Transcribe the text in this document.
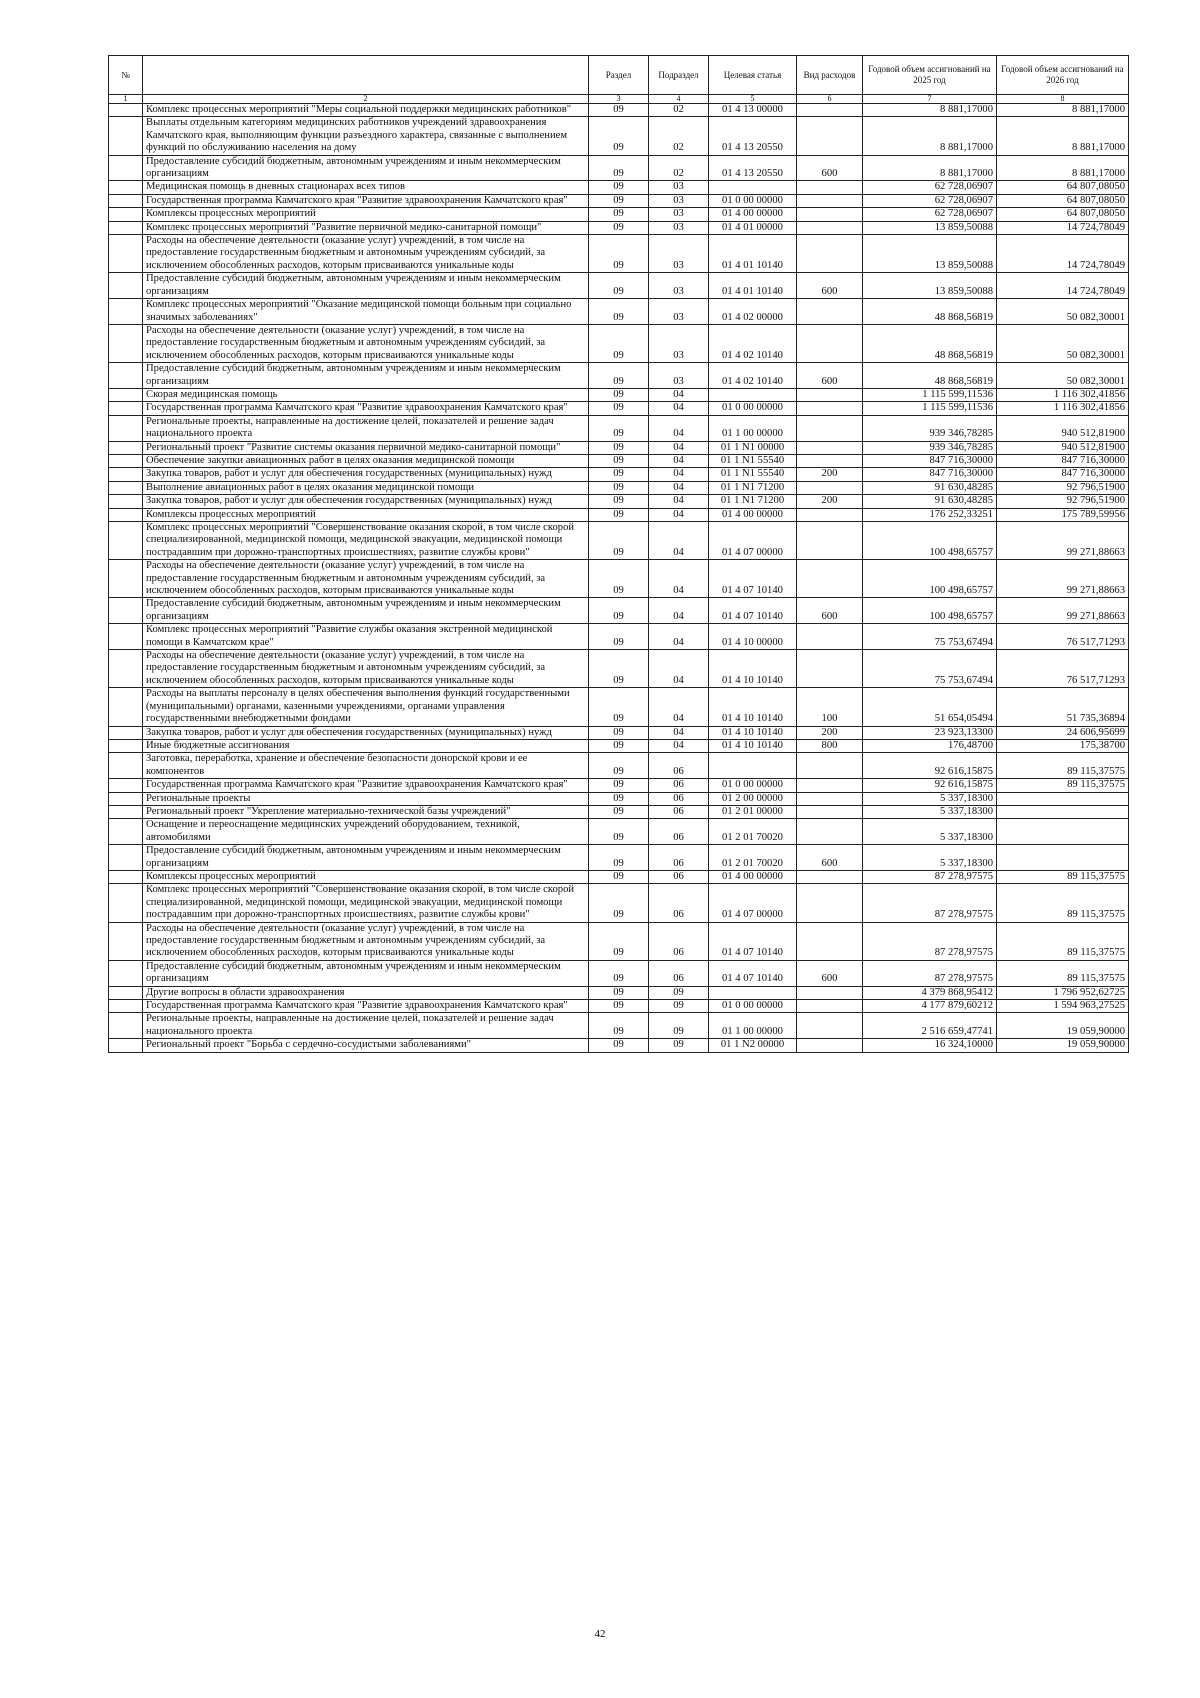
№		Раздел	Подраздел	Целевая статья	Вид расходов	Годовой объем ассигнований на 2025 год	Годовой объем ассигнований на 2026 год
1	2	3	4	5	6	7	8
	Комплекс процессных мероприятий "Меры социальной поддержки медицинских работников"	09	02	01 4 13 00000		8 881,17000	8 881,17000
	Выплаты отдельным категориям медицинских работников учреждений здравоохранения Камчатского края, выполняющим функции разъездного характера, связанные с выполнением функций по обслуживанию населения на дому	09	02	01 4 13 20550		8 881,17000	8 881,17000
	Предоставление субсидий бюджетным, автономным учреждениям и иным некоммерческим организациям	09	02	01 4 13 20550	600	8 881,17000	8 881,17000
	Медицинская помощь в дневных стационарах всех типов	09	03			62 728,06907	64 807,08050
	Государственная программа Камчатского края "Развитие здравоохранения Камчатского края"	09	03	01 0 00 00000		62 728,06907	64 807,08050
	Комплексы процессных мероприятий	09	03	01 4 00 00000		62 728,06907	64 807,08050
	Комплекс процессных мероприятий "Развитие первичной медико-санитарной помощи"	09	03	01 4 01 00000		13 859,50088	14 724,78049
	Расходы на обеспечение деятельности (оказание услуг) учреждений, в том числе на предоставление государственным бюджетным и автономным учреждениям субсидий, за исключением обособленных расходов, которым присваиваются уникальные коды	09	03	01 4 01 10140		13 859,50088	14 724,78049
	Предоставление субсидий бюджетным, автономным учреждениям и иным некоммерческим организациям	09	03	01 4 01 10140	600	13 859,50088	14 724,78049
	Комплекс процессных мероприятий "Оказание медицинской помощи больным при социально значимых заболеваниях"	09	03	01 4 02 00000		48 868,56819	50 082,30001
	Расходы на обеспечение деятельности (оказание услуг) учреждений, в том числе на предоставление государственным бюджетным и автономным учреждениям субсидий, за исключением обособленных расходов, которым присваиваются уникальные коды	09	03	01 4 02 10140		48 868,56819	50 082,30001
	Предоставление субсидий бюджетным, автономным учреждениям и иным некоммерческим организациям	09	03	01 4 02 10140	600	48 868,56819	50 082,30001
	Скорая медицинская помощь	09	04			1 115 599,11536	1 116 302,41856
	Государственная программа Камчатского края "Развитие здравоохранения Камчатского края"	09	04	01 0 00 00000		1 115 599,11536	1 116 302,41856
	Региональные проекты, направленные на достижение целей, показателей и решение задач национального проекта	09	04	01 1 00 00000		939 346,78285	940 512,81900
	Региональный проект "Развитие системы оказания первичной медико-санитарной помощи"	09	04	01 1 N1 00000		939 346,78285	940 512,81900
	Обеспечение закупки авиационных работ в целях оказания медицинской помощи	09	04	01 1 N1 55540		847 716,30000	847 716,30000
	Закупка товаров, работ и услуг для обеспечения государственных (муниципальных) нужд	09	04	01 1 N1 55540	200	847 716,30000	847 716,30000
	Выполнение авиационных работ в целях оказания медицинской помощи	09	04	01 1 N1 71200		91 630,48285	92 796,51900
	Закупка товаров, работ и услуг для обеспечения государственных (муниципальных) нужд	09	04	01 1 N1 71200	200	91 630,48285	92 796,51900
	Комплексы процессных мероприятий	09	04	01 4 00 00000		176 252,33251	175 789,59956
	Комплекс процессных мероприятий "Совершенствование оказания скорой, в том числе скорой специализированной, медицинской помощи, медицинской эвакуации, медицинской помощи пострадавшим при дорожно-транспортных происшествиях, развитие службы крови"	09	04	01 4 07 00000		100 498,65757	99 271,88663
	Расходы на обеспечение деятельности (оказание услуг) учреждений, в том числе на предоставление государственным бюджетным и автономным учреждениям субсидий, за исключением обособленных расходов, которым присваиваются уникальные коды	09	04	01 4 07 10140		100 498,65757	99 271,88663
	Предоставление субсидий бюджетным, автономным учреждениям и иным некоммерческим организациям	09	04	01 4 07 10140	600	100 498,65757	99 271,88663
	Комплекс процессных мероприятий "Развитие службы оказания экстренной медицинской помощи в Камчатском крае"	09	04	01 4 10 00000		75 753,67494	76 517,71293
	Расходы на обеспечение деятельности (оказание услуг) учреждений, в том числе на предоставление государственным бюджетным и автономным учреждениям субсидий, за исключением обособленных расходов, которым присваиваются уникальные коды	09	04	01 4 10 10140		75 753,67494	76 517,71293
	Расходы на выплаты персоналу в целях обеспечения выполнения функций государственными (муниципальными) органами, казенными учреждениями, органами управления государственными внебюджетными фондами	09	04	01 4 10 10140	100	51 654,05494	51 735,36894
	Закупка товаров, работ и услуг для обеспечения государственных (муниципальных) нужд	09	04	01 4 10 10140	200	23 923,13300	24 606,95699
	Иные бюджетные ассигнования	09	04	01 4 10 10140	800	176,48700	175,38700
	Заготовка, переработка, хранение и обеспечение безопасности донорской крови и ее компонентов	09	06			92 616,15875	89 115,37575
	Государственная программа Камчатского края "Развитие здравоохранения Камчатского края"	09	06	01 0 00 00000		92 616,15875	89 115,37575
	Региональные проекты	09	06	01 2 00 00000		5 337,18300	
	Региональный проект "Укрепление материально-технической базы учреждений"	09	06	01 2 01 00000		5 337,18300	
	Оснащение и переоснащение медицинских учреждений оборудованием, техникой, автомобилями	09	06	01 2 01 70020		5 337,18300	
	Предоставление субсидий бюджетным, автономным учреждениям и иным некоммерческим организациям	09	06	01 2 01 70020	600	5 337,18300	
	Комплексы процессных мероприятий	09	06	01 4 00 00000		87 278,97575	89 115,37575
	Комплекс процессных мероприятий "Совершенствование оказания скорой, в том числе скорой специализированной, медицинской помощи, медицинской эвакуации, медицинской помощи пострадавшим при дорожно-транспортных происшествиях, развитие службы крови"	09	06	01 4 07 00000		87 278,97575	89 115,37575
	Расходы на обеспечение деятельности (оказание услуг) учреждений, в том числе на предоставление государственным бюджетным и автономным учреждениям субсидий, за исключением обособленных расходов, которым присваиваются уникальные коды	09	06	01 4 07 10140		87 278,97575	89 115,37575
	Предоставление субсидий бюджетным, автономным учреждениям и иным некоммерческим организациям	09	06	01 4 07 10140	600	87 278,97575	89 115,37575
	Другие вопросы в области здравоохранения	09	09			4 379 868,95412	1 796 952,62725
	Государственная программа Камчатского края "Развитие здравоохранения Камчатского края"	09	09	01 0 00 00000		4 177 879,60212	1 594 963,27525
	Региональные проекты, направленные на достижение целей, показателей и решение задач национального проекта	09	09	01 1 00 00000		2 516 659,47741	19 059,90000
	Региональный проект "Борьба с сердечно-сосудистыми заболеваниями"	09	09	01 1 N2 00000		16 324,10000	19 059,90000
42
